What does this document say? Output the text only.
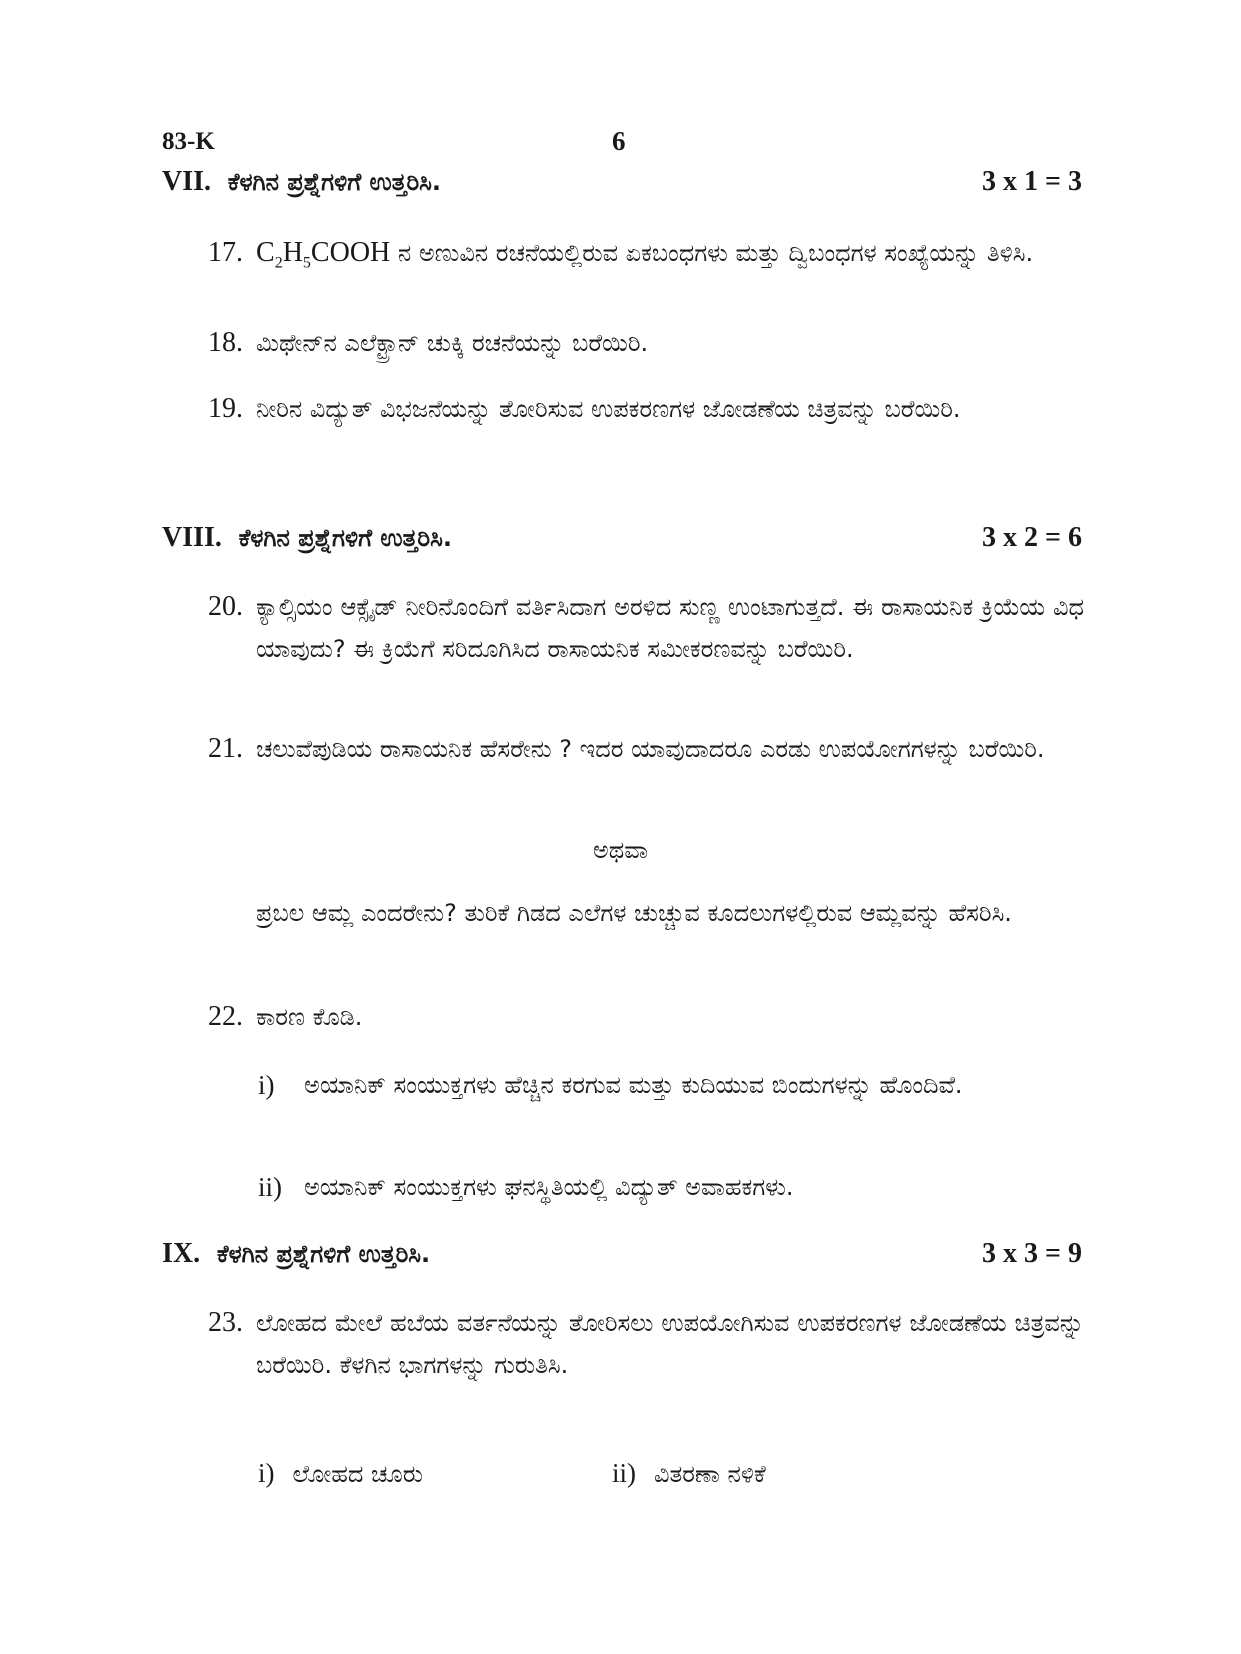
83-K	6
VII. ಕೆಳಗಿನ ಪ್ರಶ್ನೆಗಳಿಗೆ ಉತ್ತರಿಸಿ.	3 x 1 = 3
17. $C_2H_5COOH$ ನ ಅಣುವಿನ ರಚನೆಯಲ್ಲಿರುವ ಏಕಬಂಧಗಳು ಮತ್ತು ದ್ವಿಬಂಧಗಳ ಸಂಖ್ಯೆಯನ್ನು ತಿಳಿಸಿ.
18. ಮಿಥೇನ್‌ನ ಎಲೆಕ್ಟ್ರಾನ್ ಚುಕ್ಕಿ ರಚನೆಯನ್ನು ಬರೆಯಿರಿ.
19. ನೀರಿನ ವಿದ್ಯುತ್ ವಿಭಜನೆಯನ್ನು ತೋರಿಸುವ ಉಪಕರಣಗಳ ಜೋಡಣೆಯ ಚಿತ್ರವನ್ನು ಬರೆಯಿರಿ.
VIII. ಕೆಳಗಿನ ಪ್ರಶ್ನೆಗಳಿಗೆ ಉತ್ತರಿಸಿ.	3 x 2 = 6
20. ಕ್ಯಾಲ್ಸಿಯಂ ಆಕ್ಸೈಡ್ ನೀರಿನೊಂದಿಗೆ ವರ್ತಿಸಿದಾಗ ಅರಳಿದ ಸುಣ್ಣ ಉಂಟಾಗುತ್ತದೆ. ಈ ರಾಸಾಯನಿಕ ಕ್ರಿಯೆಯ ವಿಧ ಯಾವುದು? ಈ ಕ್ರಿಯೆಗೆ ಸರಿದೂಗಿಸಿದ ರಾಸಾಯನಿಕ ಸಮೀಕರಣವನ್ನು ಬರೆಯಿರಿ.
21. ಚಲುವೆಪುಡಿಯ ರಾಸಾಯನಿಕ ಹೆಸರೇನು ? ಇದರ ಯಾವುದಾದರೂ ಎರಡು ಉಪಯೋಗಗಳನ್ನು ಬರೆಯಿರಿ.
ಅಥವಾ
ಪ್ರಬಲ ಆಮ್ಲ ಎಂದರೇನು? ತುರಿಕೆ ಗಿಡದ ಎಲೆಗಳ ಚುಚ್ಚುವ ಕೂದಲುಗಳಲ್ಲಿರುವ ಆಮ್ಲವನ್ನು ಹೆಸರಿಸಿ.
22. ಕಾರಣ ಕೊಡಿ.
i) ಅಯಾನಿಕ್ ಸಂಯುಕ್ತಗಳು ಹೆಚ್ಚಿನ ಕರಗುವ ಮತ್ತು ಕುದಿಯುವ ಬಿಂದುಗಳನ್ನು ಹೊಂದಿವೆ.
ii) ಅಯಾನಿಕ್ ಸಂಯುಕ್ತಗಳು ಘನಸ್ಥಿತಿಯಲ್ಲಿ ವಿದ್ಯುತ್ ಅವಾಹಕಗಳು.
IX. ಕೆಳಗಿನ ಪ್ರಶ್ನೆಗಳಿಗೆ ಉತ್ತರಿಸಿ.	3 x 3 = 9
23. ಲೋಹದ ಮೇಲೆ ಹಬೆಯ ವರ್ತನೆಯನ್ನು ತೋರಿಸಲು ಉಪಯೋಗಿಸುವ ಉಪಕರಣಗಳ ಜೋಡಣೆಯ ಚಿತ್ರವನ್ನು ಬರೆಯಿರಿ. ಕೆಳಗಿನ ಭಾಗಗಳನ್ನು ಗುರುತಿಸಿ.
i) ಲೋಹದ ಚೂರು	ii) ವಿತರಣಾ ನಳಿಕೆ
